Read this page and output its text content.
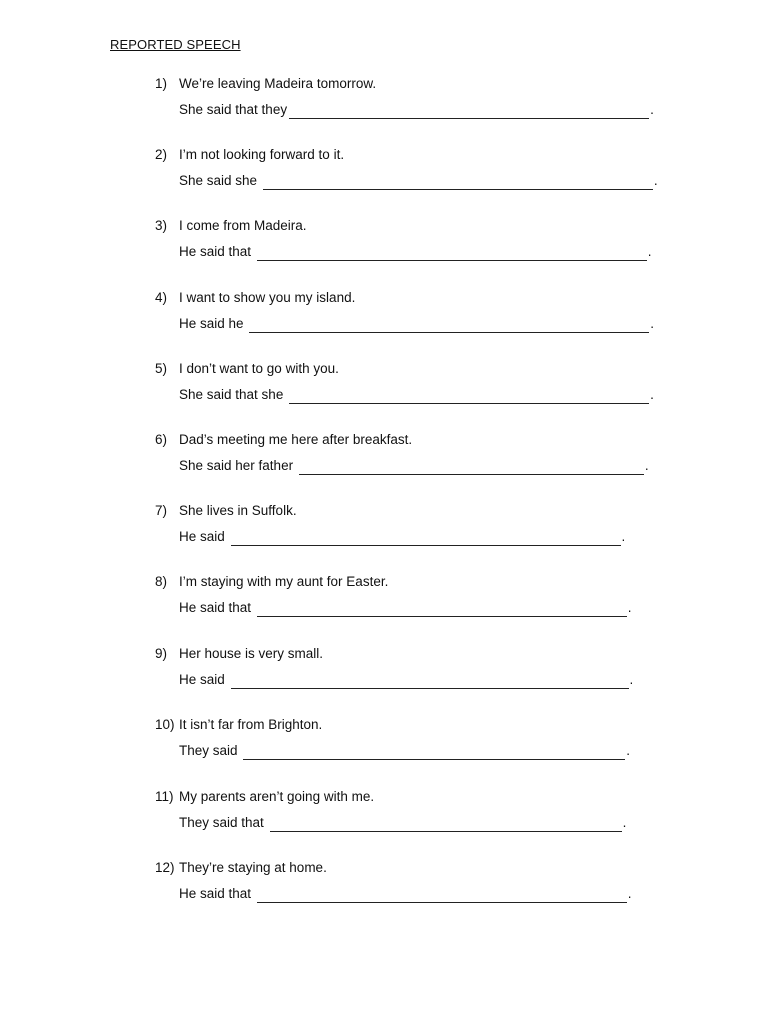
REPORTED SPEECH
1) We’re leaving Madeira tomorrow.
She said that they	.
2) I’m not looking forward to it.
She said she	.
3) I come from Madeira.
He said that	.
4) I want to show you my island.
He said he	.
5) I don’t want to go with you.
She said that she	.
6) Dad’s meeting me here after breakfast.
She said her father	.
7) She lives in Suffolk.
He said	.
8) I’m staying with my aunt for Easter.
He said that	.
9) Her house is very small.
He said	.
10) It isn’t far from Brighton.
They said	.
11) My parents aren’t going with me.
They said that	.
12) They’re staying at home.
He said that	.
